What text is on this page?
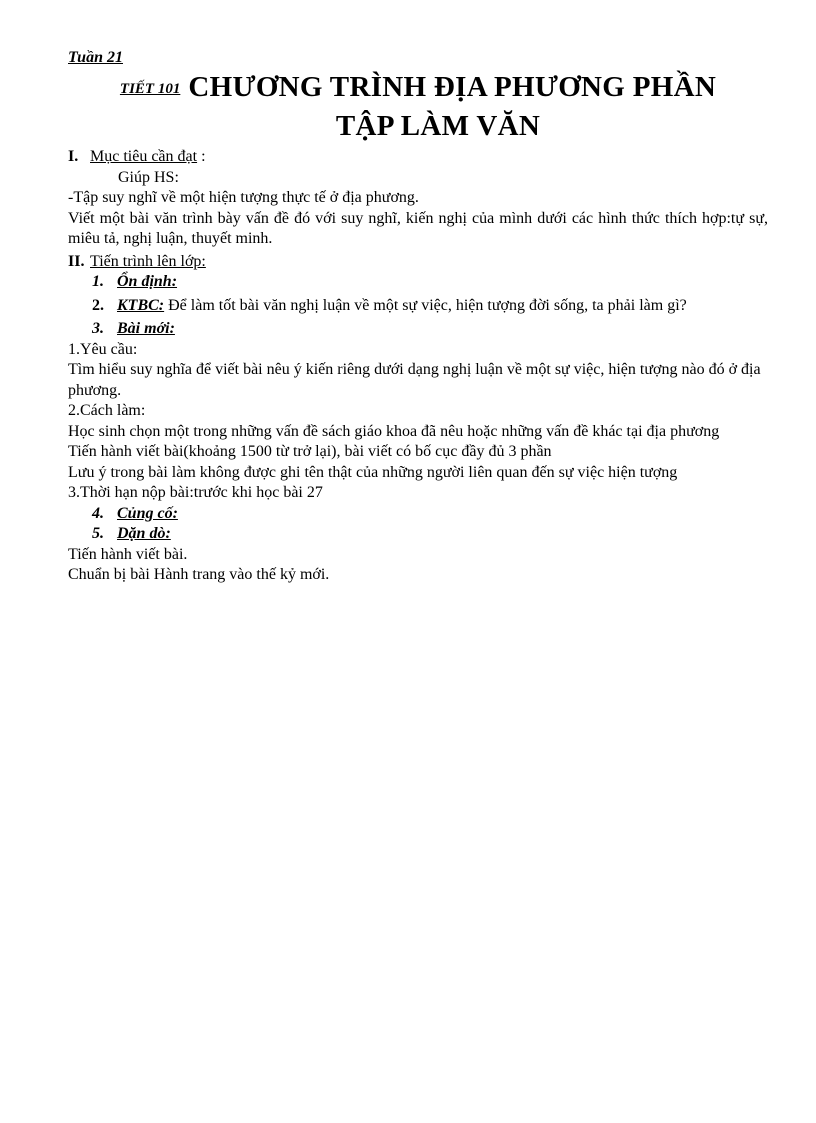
Tuần 21
TIẾT 101 CHƯƠNG TRÌNH ĐỊA PHƯƠNG PHẦN
TẬP LÀM VĂN
I. Mục tiêu cần đạt :
Giúp HS:
-Tập suy nghĩ về một hiện tượng thực tế ở địa phương.
Viết một bài văn trình bày vấn đề đó với suy nghĩ, kiến nghị của mình dưới các hình thức thích hợp:tự sự, miêu tả, nghị luận, thuyết minh.
II. Tiến trình lên lớp:
1. Ổn định:
2. KTBC: Để làm tốt bài văn nghị luận về một sự việc, hiện tượng đời sống, ta phải làm gì?
3. Bài mới:
1.Yêu cầu:
Tìm hiểu suy nghĩa để viết bài nêu ý kiến riêng dưới dạng nghị luận về một sự việc, hiện tượng nào đó ở địa phương.
2.Cách làm:
Học sinh chọn một trong những vấn đề sách giáo khoa đã nêu hoặc những vấn đề khác tại địa phương
Tiến hành viết bài(khoảng 1500 từ trở lại), bài viết có bố cục đầy đủ 3 phần
Lưu ý trong bài làm không được ghi tên thật của những người liên quan đến sự việc hiện tượng
3.Thời hạn nộp bài:trước khi học bài 27
4. Củng cố:
5. Dặn dò:
Tiến hành viết bài.
Chuẩn bị bài Hành trang vào thế kỷ mới.
